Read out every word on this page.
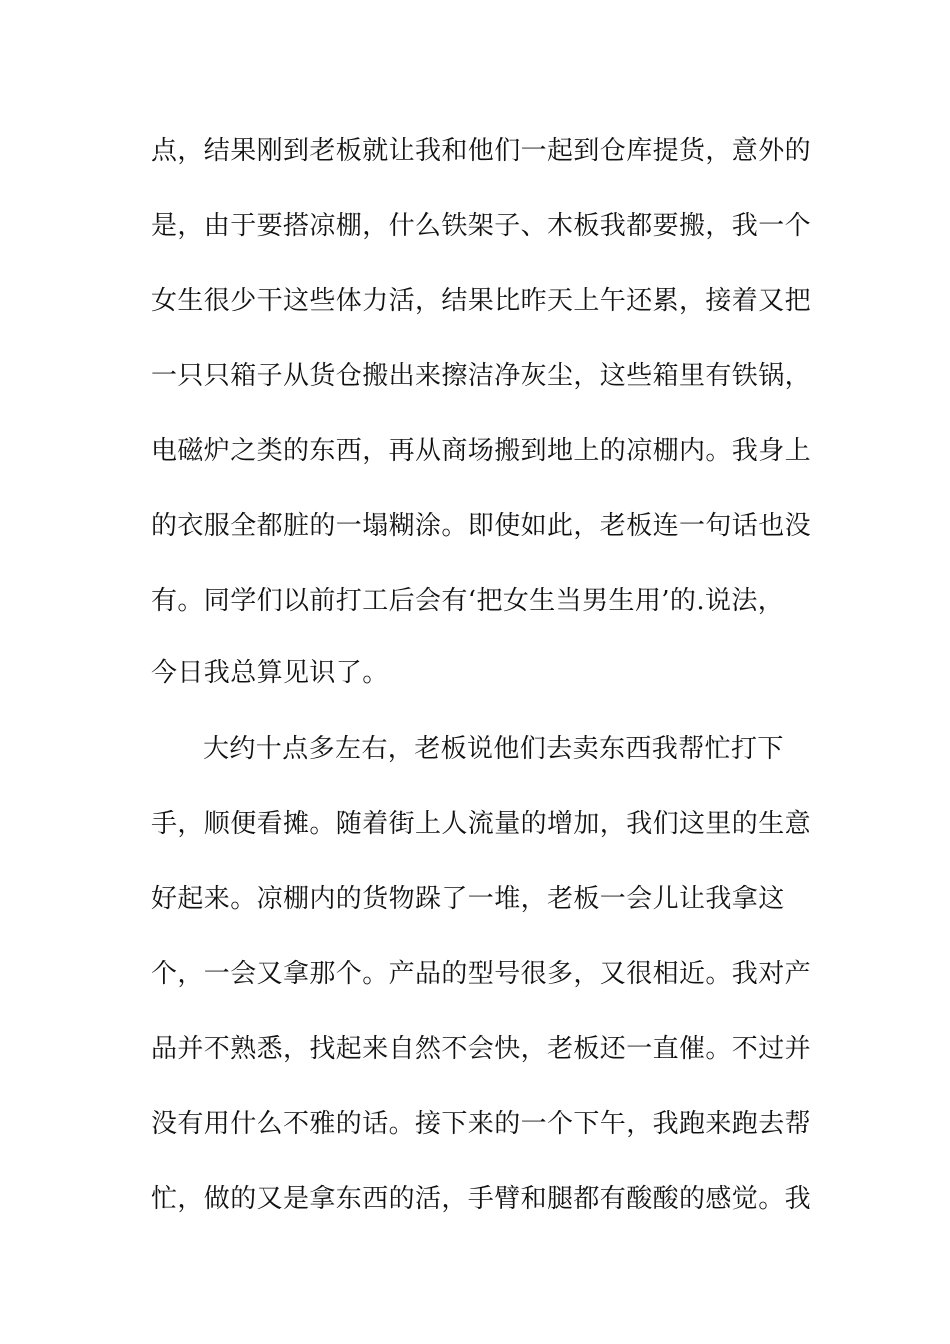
点，结果刚到老板就让我和他们一起到仓库提货，意外的
是，由于要搭凉棚，什么铁架子、木板我都要搬，我一个
女生很少干这些体力活，结果比昨天上午还累，接着又把
一只只箱子从货仓搬出来擦洁净灰尘，这些箱里有铁锅，
电磁炉之类的东西，再从商场搬到地上的凉棚内。我身上
的衣服全都脏的一塌糊涂。即使如此，老板连一句话也没
有。同学们以前打工后会有‘把女生当男生用’的.说法，
今日我总算见识了。
大约十点多左右，老板说他们去卖东西我帮忙打下
手，顺便看摊。随着街上人流量的增加，我们这里的生意
好起来。凉棚内的货物跺了一堆，老板一会儿让我拿这
个，一会又拿那个。产品的型号很多，又很相近。我对产
品并不熟悉，找起来自然不会快，老板还一直催。不过并
没有用什么不雅的话。接下来的一个下午，我跑来跑去帮
忙，做的又是拿东西的活，手臂和腿都有酸酸的感觉。我
